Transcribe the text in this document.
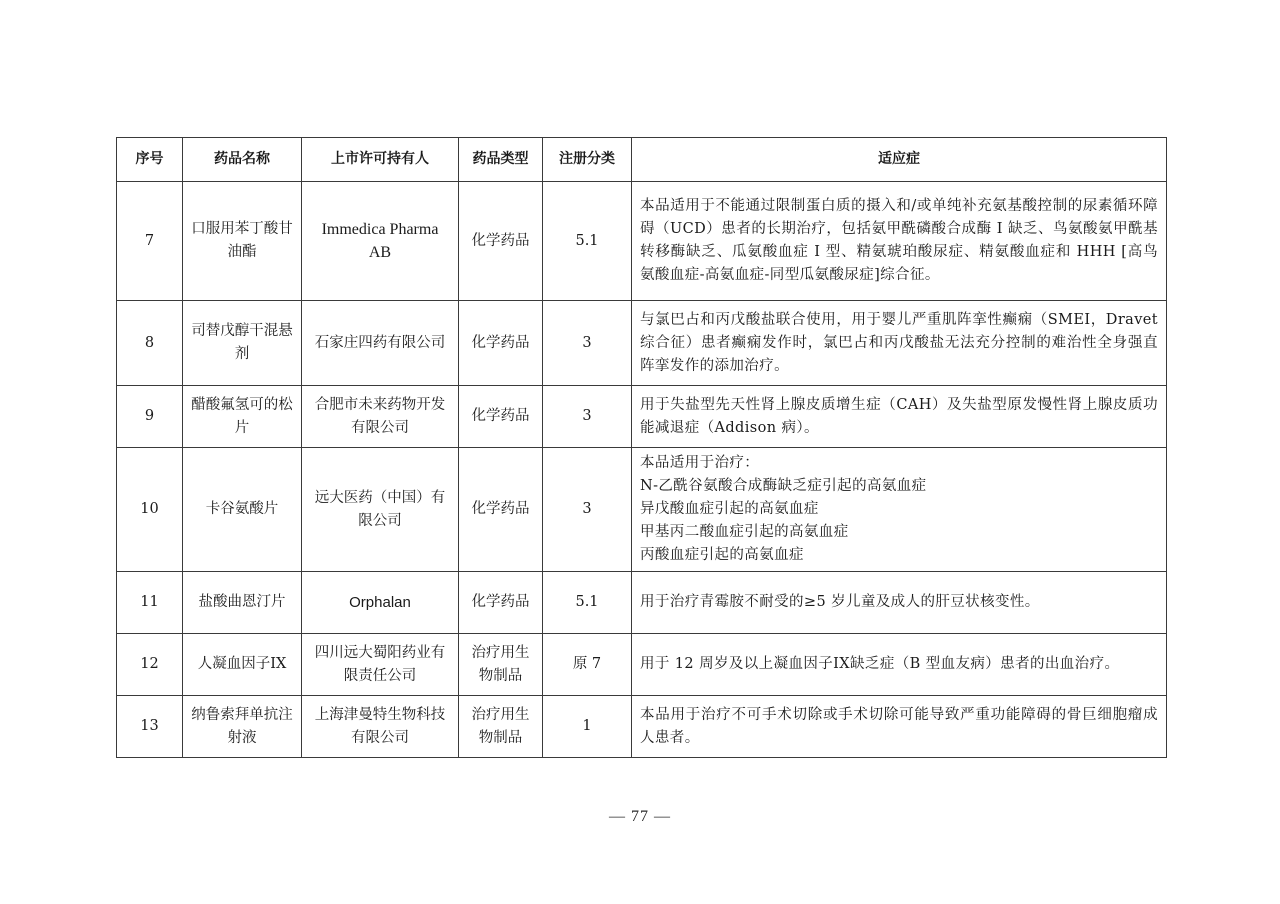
序号	药品名称	上市许可持有人	药品类型	注册分类	适应症
7	口服用苯丁酸甘油酯	Immedica Pharma AB	化学药品	5.1	本品适用于不能通过限制蛋白质的摄入和/或单纯补充氨基酸控制的尿素循环障碍（UCD）患者的长期治疗，包括氨甲酰磷酸合成酶 I 缺乏、鸟氨酸氨甲酰基转移酶缺乏、瓜氨酸血症 I 型、精氨琥珀酸尿症、精氨酸血症和 HHH [高鸟氨酸血症-高氨血症-同型瓜氨酸尿症]综合征。
8	司替戊醇干混悬剂	石家庄四药有限公司	化学药品	3	与氯巴占和丙戊酸盐联合使用，用于婴儿严重肌阵挛性癫痫（SMEI，Dravet 综合征）患者癫痫发作时，氯巴占和丙戊酸盐无法充分控制的难治性全身强直阵挛发作的添加治疗。
9	醋酸氟氢可的松片	合肥市未来药物开发有限公司	化学药品	3	用于失盐型先天性肾上腺皮质增生症（CAH）及失盐型原发慢性肾上腺皮质功能减退症（Addison 病）。
10	卡谷氨酸片	远大医药（中国）有限公司	化学药品	3	本品适用于治疗：
N-乙酰谷氨酸合成酶缺乏症引起的高氨血症
异戊酸血症引起的高氨血症
甲基丙二酸血症引起的高氨血症
丙酸血症引起的高氨血症

11	盐酸曲恩汀片	Orphalan	化学药品	5.1	用于治疗青霉胺不耐受的≥5 岁儿童及成人的肝豆状核变性。
12	人凝血因子IX	四川远大蜀阳药业有限责任公司	治疗用生物制品	原 7	用于 12 周岁及以上凝血因子IX缺乏症（B 型血友病）患者的出血治疗。
13	纳鲁索拜单抗注射液	上海津曼特生物科技有限公司	治疗用生物制品	1	本品用于治疗不可手术切除或手术切除可能导致严重功能障碍的骨巨细胞瘤成人患者。
— 77 —
